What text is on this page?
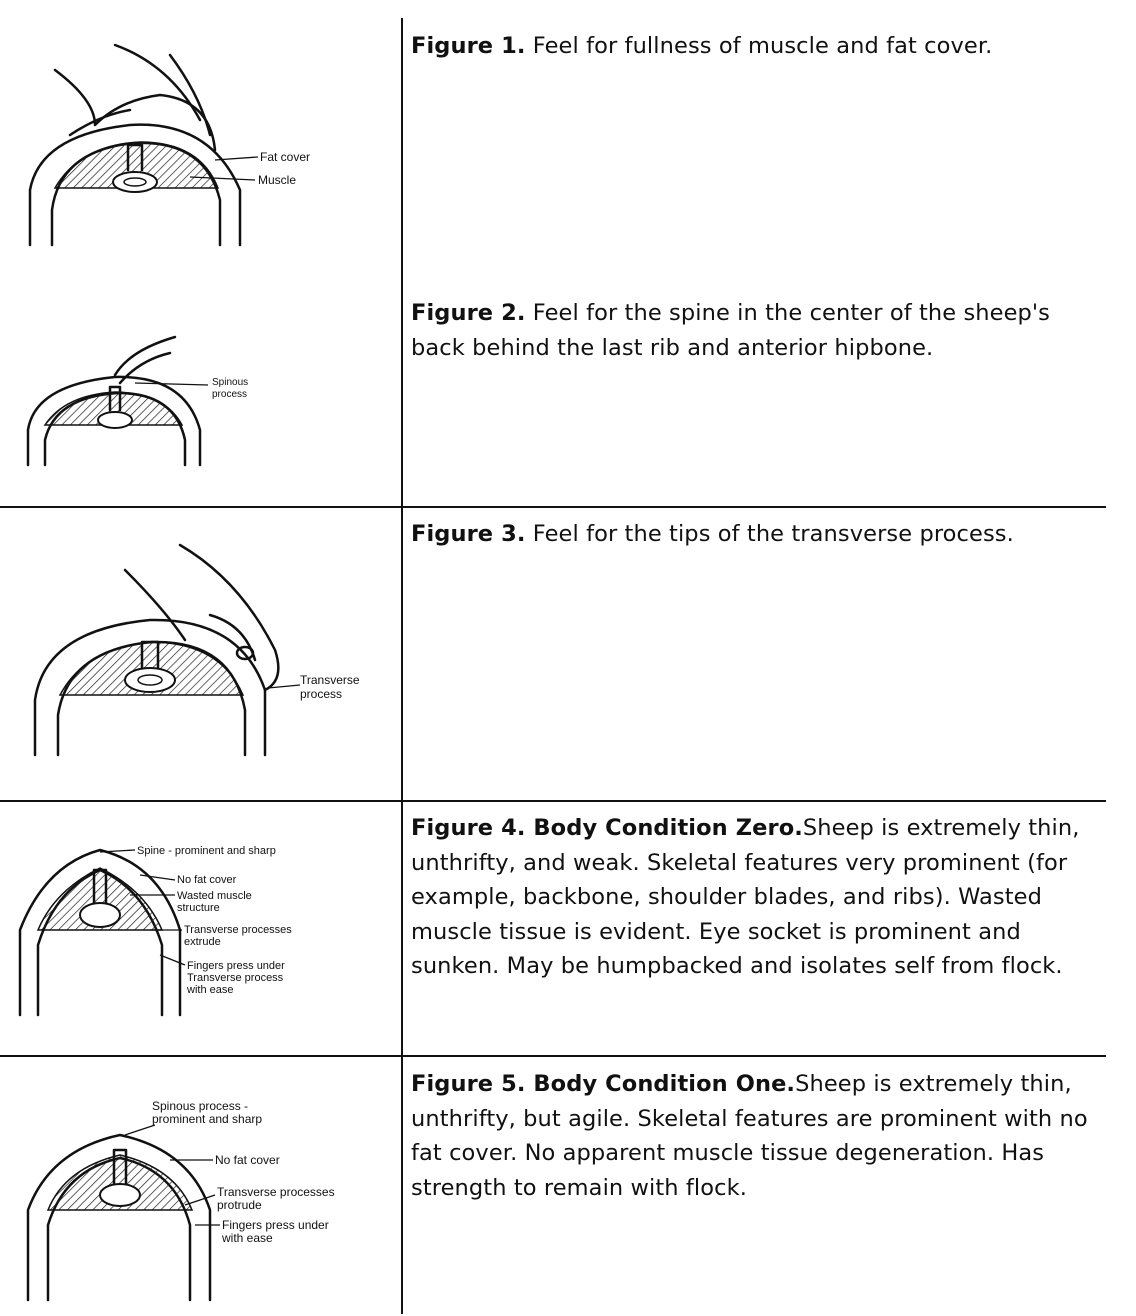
Fat cover
Muscle
Figure 1. Feel for fullness of muscle and fat cover.
Spinous
process
Figure 2. Feel for the spine in the center of the sheep's back behind the last rib and anterior hipbone.
Transverse
process
Figure 3. Feel for the tips of the transverse process.
Spine - prominent and sharp
No fat cover
Wasted muscle
structure
Transverse processes
extrude
Fingers press under
Transverse process
with ease
Figure 4. Body Condition Zero.Sheep is extremely thin, unthrifty, and weak. Skeletal features very prominent (for example, backbone, shoulder blades, and ribs). Wasted muscle tissue is evident. Eye socket is prominent and sunken. May be humpbacked and isolates self from flock.
Spinous process -
prominent and sharp
No fat cover
Transverse processes
protrude
Fingers press under
with ease
Figure 5. Body Condition One.Sheep is extremely thin, unthrifty, but agile. Skeletal features are prominent with no fat cover. No apparent muscle tissue degeneration. Has strength to remain with flock.
